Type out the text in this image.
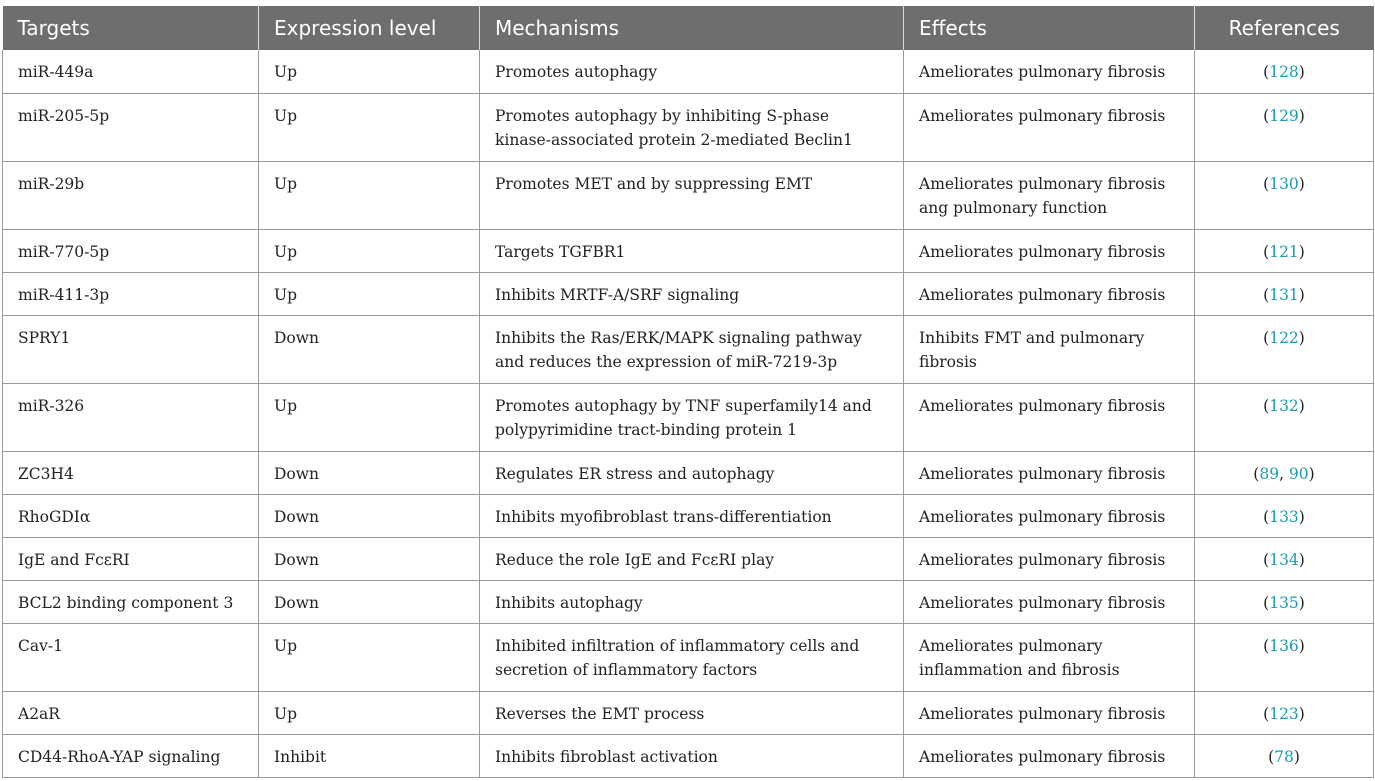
Targets	Expression level	Mechanisms	Effects	References
miR-449a	Up	Promotes autophagy	Ameliorates pulmonary fibrosis	(128)
miR-205-5p	Up	Promotes autophagy by inhibiting S-phase kinase-associated protein 2-mediated Beclin1	Ameliorates pulmonary fibrosis	(129)
miR-29b	Up	Promotes MET and by suppressing EMT	Ameliorates pulmonary fibrosis ang pulmonary function	(130)
miR-770-5p	Up	Targets TGFBR1	Ameliorates pulmonary fibrosis	(121)
miR-411-3p	Up	Inhibits MRTF-A/SRF signaling	Ameliorates pulmonary fibrosis	(131)
SPRY1	Down	Inhibits the Ras/ERK/MAPK signaling pathway and reduces the expression of miR-7219-3p	Inhibits FMT and pulmonary fibrosis	(122)
miR-326	Up	Promotes autophagy by TNF superfamily14 and polypyrimidine tract-binding protein 1	Ameliorates pulmonary fibrosis	(132)
ZC3H4	Down	Regulates ER stress and autophagy	Ameliorates pulmonary fibrosis	(89, 90)
RhoGDIα	Down	Inhibits myofibroblast trans-differentiation	Ameliorates pulmonary fibrosis	(133)
IgE and FcεRI	Down	Reduce the role IgE and FcεRI play	Ameliorates pulmonary fibrosis	(134)
BCL2 binding component 3	Down	Inhibits autophagy	Ameliorates pulmonary fibrosis	(135)
Cav-1	Up	Inhibited infiltration of inflammatory cells and secretion of inflammatory factors	Ameliorates pulmonary inflammation and fibrosis	(136)
A2aR	Up	Reverses the EMT process	Ameliorates pulmonary fibrosis	(123)
CD44-RhoA-YAP signaling	Inhibit	Inhibits fibroblast activation	Ameliorates pulmonary fibrosis	(78)
